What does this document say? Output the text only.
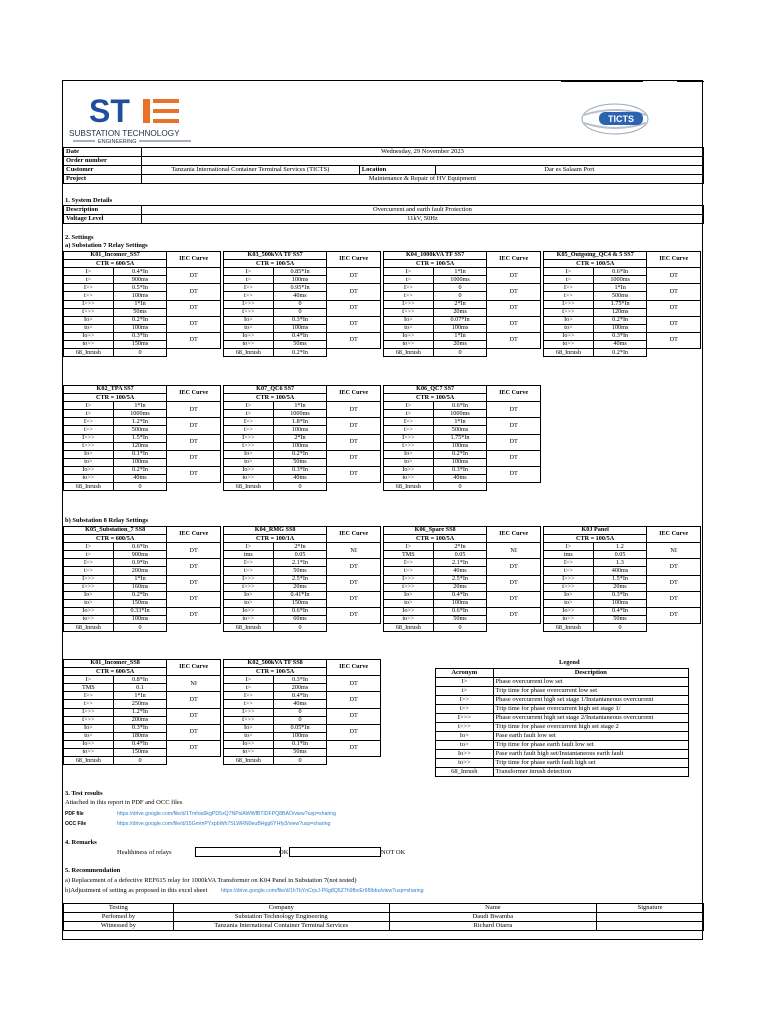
ST
SUBSTATION TECHNOLOGY
ENGINEERING
TICTS
Date	Wednesday, 29 November 2023		
Order number			
Customer	Tanzania International Container Terminal Services (TICTS)	Location	Dar es Salaam Port
Project	Maintenance & Repair of HV Equipment		
1. System Details
Description	Overcurrent and earth fault Protection
Voltage Level	11kV, 50Hz
2. Settings
a) Substation 7 Relay Settings
K01_Incomer_SS7		IEC Curve
CTR = 600/5A		
I>	0.4*In	DT
t>	900ms	
I>>	0.5*In	DT
t>>	100ms	
I>>>	1*In	DT
t>>>	50ms	
Io>	0.2*In	DT
to>	100ms	
Io>>	0.3*In	DT
to>>	150ms	
68_Inrush	0	
K03_500kVA TF SS7		IEC Curve
CTR = 100/5A		
I>	0.85*In	DT
t>	100ms	
I>>	0.95*In	DT
t>>	40ms	
I>>>	0	DT
t>>>	0	
Io>	0.3*In	DT
to>	100ms	
Io>>	0.4*In	DT
to>>	50ms	
68_Inrush	0.2*In	
K04_1000kVA TF SS7		IEC Curve
CTR = 100/5A		
I>	1*In	DT
t>	1000ms	
I>>	0	DT
t>>	0	
I>>>	2*In	DT
t>>>	20ms	
Io>	0.07*In	DT
to>	100ms	
Io>>	1*In	DT
to>>	20ms	
68_Inrush	0	
K05_Outgoing_QC4 & 5 SS7		IEC Curve
CTR = 100/5A		
I>	0.6*In	DT
t>	1000ms	
I>>	1*In	DT
t>>	500ms	
I>>>	1.75*In	DT
t>>>	120ms	
Io>	0.2*In	DT
to>	100ms	
Io>>	0.3*In	DT
to>>	40ms	
68_Inrush	0.2*In	
K02_TPA SS7		IEC Curve
CTR = 100/5A		
I>	1*In	DT
t>	1000ms	
I>>	1.2*In	DT
t>>	500ms	
I>>>	1.5*In	DT
t>>>	120ms	
Io>	0.1*In	DT
to>	100ms	
Io>>	0.2*In	DT
to>>	40ms	
68_Inrush	0	
K07_QC6 SS7		IEC Curve
CTR = 100/5A		
I>	1*In	DT
t>	1000ms	
I>>	1.8*In	DT
t>>	100ms	
I>>>	2*In	DT
t>>>	100ms	
Io>	0.2*In	DT
to>	50ms	
Io>>	0.3*In	DT
to>>	40ms	
68_Inrush	0	
K06_QC7 SS7		IEC Curve
CTR = 100/5A		
I>	0.6*In	DT
t>	1000ms	
I>>	1*In	DT
t>>	500ms	
I>>>	1.75*In	DT
t>>>	100ms	
Io>	0.2*In	DT
to>	100ms	
Io>>	0.3*In	DT
to>>	40ms	
68_Inrush	0	
b) Substation 8 Relay Settings
K05_Substation_7 SS8		IEC Curve
CTR = 600/5A		
I>	0.6*In	DT
t>	900ms	
I>>	0.9*In	DT
t>>	200ms	
I>>>	1*In	DT
t>>>	160ms	
Io>	0.2*In	DT
to>	150ms	
Io>>	0.33*In	DT
to>>	100ms	
68_Inrush	0	
K04_RMG SS8		IEC Curve
CTR = 100/1A		
I>	2*In	NI
tms	0.05	
I>>	2.1*In	DT
t>>	50ms	
I>>>	2.5*In	DT
t>>>	20ms	
Io>	0.41*In	DT
to>	150ms	
Io>>	0.6*In	DT
to>>	60ms	
68_Inrush	0	
K06_Spare SS8		IEC Curve
CTR = 100/5A		
I>	2*In	NI
TMS	0.05	
I>>	2.1*In	DT
t>>	40ms	
I>>>	2.5*In	DT
t>>>	20ms	
Io>	0.4*In	DT
to>	100ms	
Io>>	0.6*In	DT
to>>	50ms	
68_Inrush	0	
K0J Panel		IEC Curve
CTR = 100/5A		
I>	1.2	NI
tms	0.05	
I>>	1.3	DT
t>>	400ms	
I>>>	1.5*In	DT
t>>>	20ms	
Io>	0.3*In	DT
to>	100ms	
Io>>	0.4*In	DT
to>>	50ms	
68_Inrush	0	
K01_Incomer_SS8		IEC Curve
CTR = 600/5A		
I>	0.8*In	NI
TMS	0.1	
I>>	1*In	DT
t>>	250ms	
I>>>	1.2*In	DT
t>>>	200ms	
Io>	0.3*In	DT
to>	180ms	
Io>>	0.4*In	DT
to>>	150ms	
68_Inrush	0	
K02_500kVA TF SS8		IEC Curve
CTR = 100/5A		
I>	0.3*In	DT
t>	200ms	
I>>	0.4*In	DT
t>>	40ms	
I>>>	0	DT
t>>>	0	
Io>	0.05*In	DT
to>	100ms	
Io>>	0.1*In	DT
to>>	50ms	
68_Inrush	0	
Legend
Acronym	Description
I>	Phase overcurrent low set
t>	Trip time for phase overcurrent low set
I>>	Phase overcurrent high set stage 1/Instantaneous overcurrent
t>>	Trip time for phase overcurrent high set stage 1/
I>>>	Phase overcurrent high set stage 2/Instantaneous overcurrent
t>>>	Trip time for phase overcurrent high set stage 2
Io>	Pase earth fault low set
to>	Trip time for phase earth fault low set
Io>>	Pase earth fault high set/Instantaneous earth fault
to>>	Trip time for phase earth fault high set
68_Inrush	Transformer inrush detection
3. Test results
Attached in this report in PDF and OCC files
PDF file	https://drive.google.com/file/d/1Tmfoa9kgPD5xQ7NPsiAWWfBTlDFPQ8BAO/view?usp=sharing
OCC File	https://drive.google.com/file/d/15GmmPYxpbWh7SLWRN0euBHgg6YHfy3/view?usp=sharing
4. Remarks
Healthiness of relays	OK	NOT OK
5. Recommendation
a) Replacement of a defective REF615 relay for 1000kVA Transformer on K04 Panel in Substation 7(not tested)
b)Adjustment of setting as proposed in this excel sheet	https://drive.google.com/file/d/1hTbYnCrjxJ-P6g8Q5Z7h9fbcEr6f9bbu/view?usp=sharing
Testing	Company	Name	Signature
Perfomed by	Substation Technology Engineering	Daudi Bwamba	
Witnessed by	Tanzania International Container Terminal Services	Richard Otarra	
